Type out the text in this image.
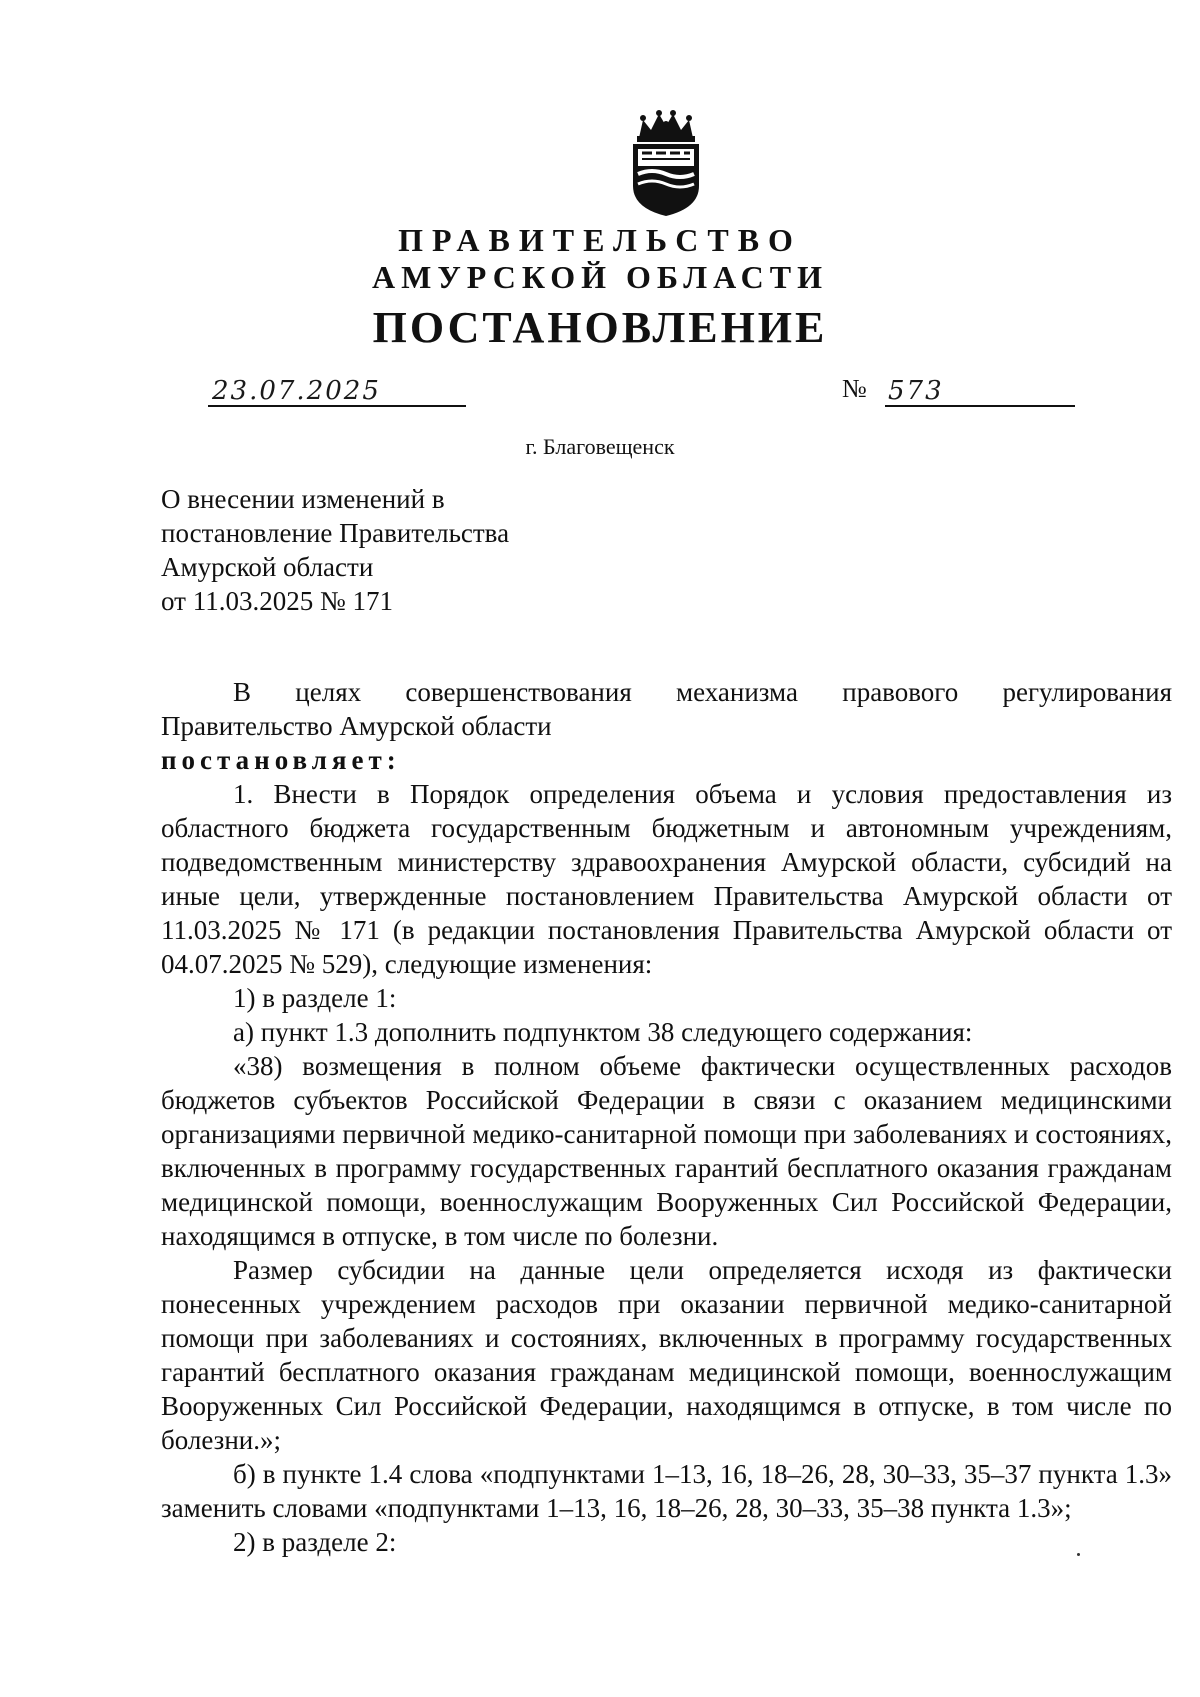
ПРАВИТЕЛЬСТВО
АМУРСКОЙ ОБЛАСТИ
ПОСТАНОВЛЕНИЕ
23.07.2025	№ 573
г. Благовещенск
О внесении изменений в
постановление Правительства
Амурской области
от 11.03.2025 № 171

В целях совершенствования механизма правового регулирования

Правительство Амурской области

постановляет:

1. Внести в Порядок определения объема и условия предоставления из областного бюджета государственным бюджетным и автономным учреждениям, подведомственным министерству здравоохранения Амурской области, субсидий на иные цели, утвержденные постановлением Правительства Амурской области от 11.03.2025 № 171 (в редакции постановления Правительства Амурской области от 04.07.2025 № 529), следующие изменения:

1) в разделе 1:

а) пункт 1.3 дополнить подпунктом 38 следующего содержания:

«38) возмещения в полном объеме фактически осуществленных расходов бюджетов субъектов Российской Федерации в связи с оказанием медицинскими организациями первичной медико-санитарной помощи при заболеваниях и состояниях, включенных в программу государственных гарантий бесплатного оказания гражданам медицинской помощи, военнослужащим Вооруженных Сил Российской Федерации, находящимся в отпуске, в том числе по болезни.

Размер субсидии на данные цели определяется исходя из фактически понесенных учреждением расходов при оказании первичной медико-санитарной помощи при заболеваниях и состояниях, включенных в программу государственных гарантий бесплатного оказания гражданам медицинской помощи, военнослужащим Вооруженных Сил Российской Федерации, находящимся в отпуске, в том числе по болезни.»;

б) в пункте 1.4 слова «подпунктами 1–13, 16, 18–26, 28, 30–33, 35–37 пункта 1.3» заменить словами «подпунктами 1–13, 16, 18–26, 28, 30–33, 35–38 пункта 1.3»;

2) в разделе 2:
